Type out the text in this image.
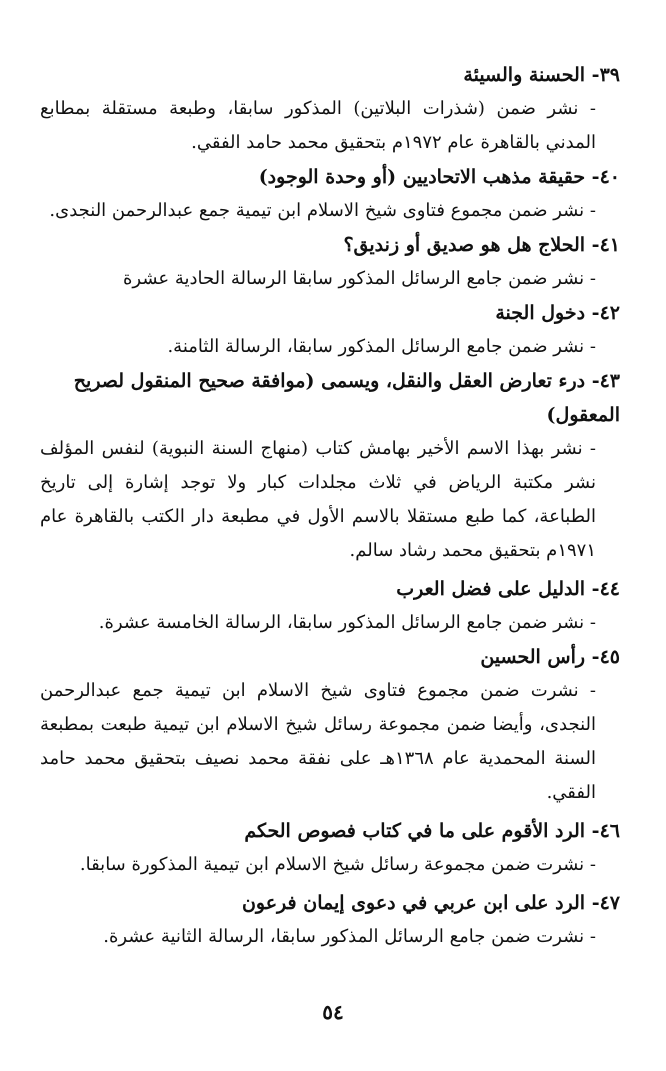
٣٩- الحسنة والسيئة

- نشر ضمن (شذرات البلاتين) المذكور سابقا، وطبعة مستقلة بمطابع المدني بالقاهرة عام ١٩٧٢م بتحقيق محمد حامد الفقي.

٤٠- حقيقة مذهب الاتحاديين (أو وحدة الوجود)

- نشر ضمن مجموع فتاوى شيخ الاسلام ابن تيمية جمع عبدالرحمن النجدى.

٤١- الحلاج هل هو صديق أو زنديق؟

- نشر ضمن جامع الرسائل المذكور سابقا الرسالة الحادية عشرة

٤٢- دخول الجنة

- نشر ضمن جامع الرسائل المذكور سابقا، الرسالة الثامنة.

٤٣- درء تعارض العقل والنقل، ويسمى (موافقة صحيح المنقول لصريح المعقول)

- نشر بهذا الاسم الأخير بهامش كتاب (منهاج السنة النبوية) لنفس المؤلف نشر مكتبة الرياض في ثلاث مجلدات كبار ولا توجد إشارة إلى تاريخ الطباعة، كما طبع مستقلا بالاسم الأول في مطبعة دار الكتب بالقاهرة عام ١٩٧١م بتحقيق محمد رشاد سالم.

٤٤- الدليل على فضل العرب

- نشر ضمن جامع الرسائل المذكور سابقا، الرسالة الخامسة عشرة.

٤٥- رأس الحسين

- نشرت ضمن مجموع فتاوى شيخ الاسلام ابن تيمية جمع عبدالرحمن النجدى، وأيضا ضمن مجموعة رسائل شيخ الاسلام ابن تيمية طبعت بمطبعة السنة المحمدية عام ١٣٦٨هـ على نفقة محمد نصيف بتحقيق محمد حامد الفقي.

٤٦- الرد الأقوم على ما في كتاب فصوص الحكم

- نشرت ضمن مجموعة رسائل شيخ الاسلام ابن تيمية المذكورة سابقا.

٤٧- الرد على ابن عربي في دعوى إيمان فرعون

- نشرت ضمن جامع الرسائل المذكور سابقا، الرسالة الثانية عشرة.

٥٤
